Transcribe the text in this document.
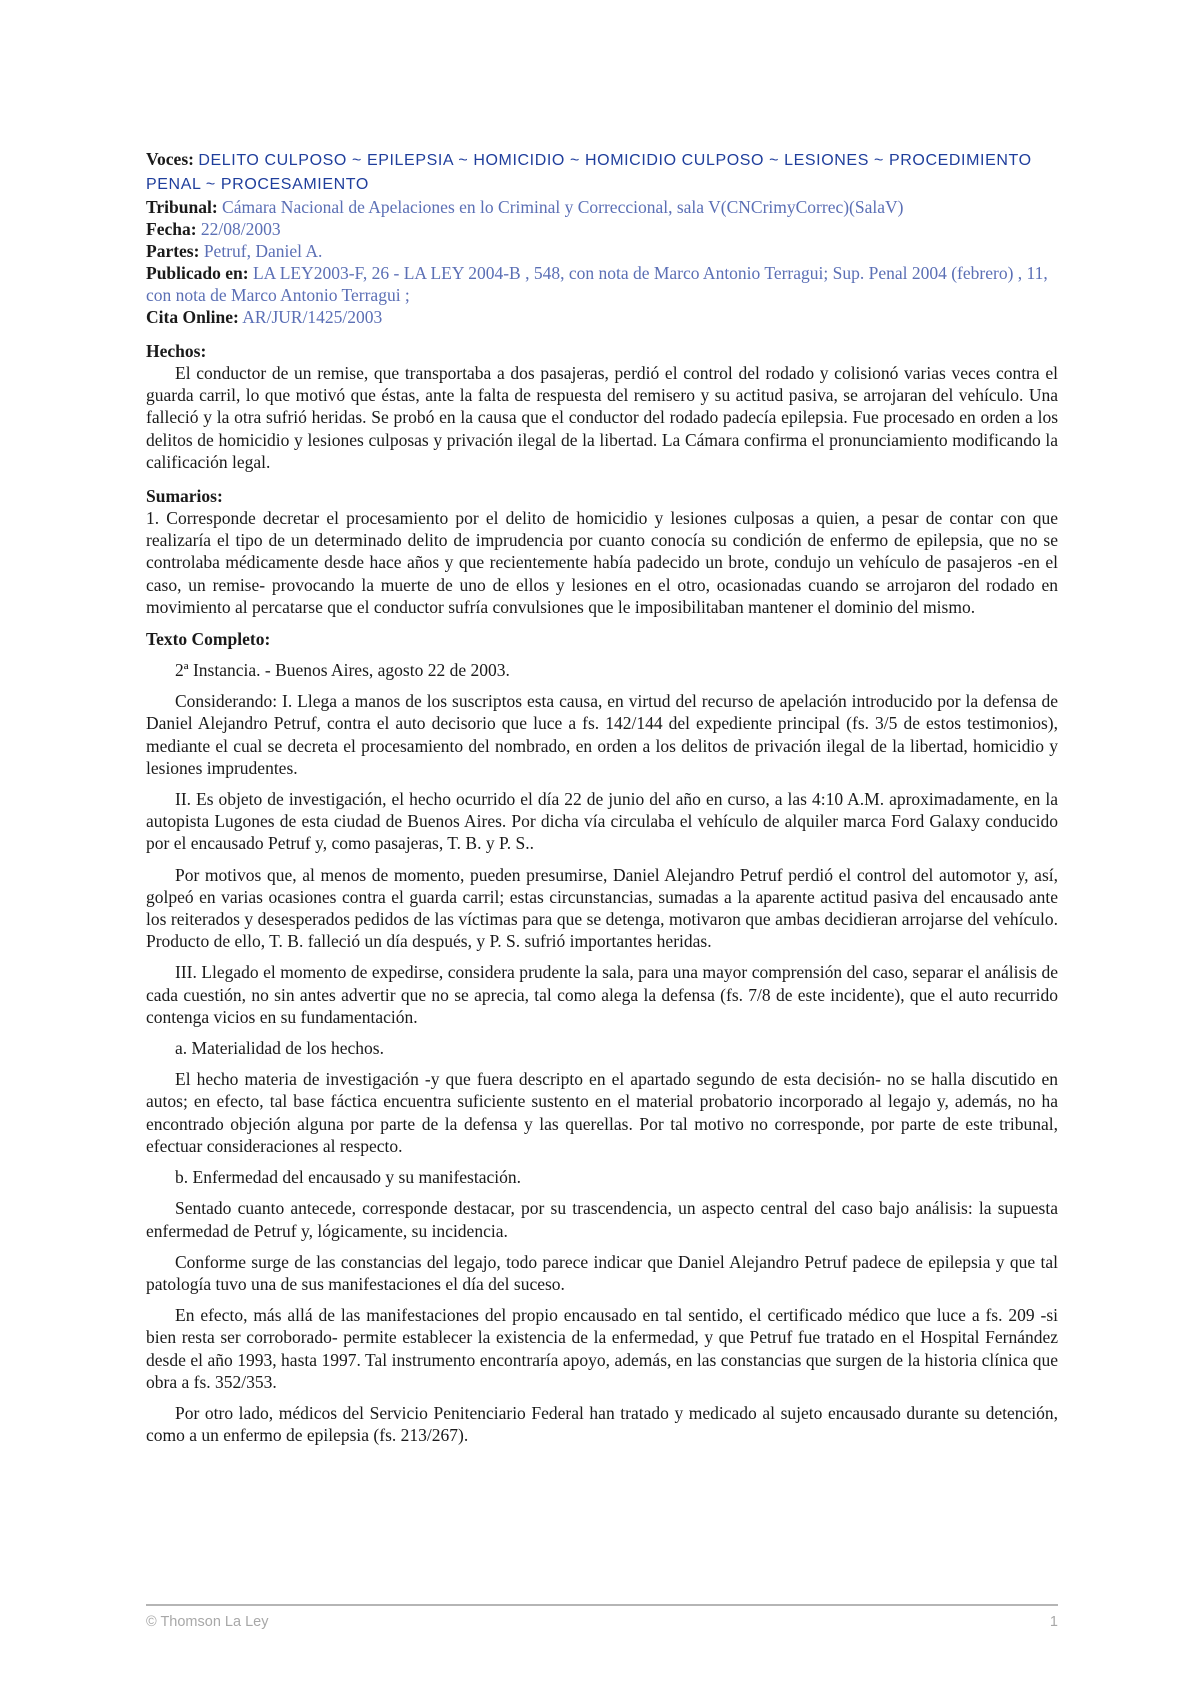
Voces: DELITO CULPOSO ~ EPILEPSIA ~ HOMICIDIO ~ HOMICIDIO CULPOSO ~ LESIONES ~ PROCEDIMIENTO PENAL ~ PROCESAMIENTO

Tribunal: Cámara Nacional de Apelaciones en lo Criminal y Correccional, sala V(CNCrimyCorrec)(SalaV)

Fecha: 22/08/2003

Partes: Petruf, Daniel A.

Publicado en: LA LEY2003-F, 26 - LA LEY 2004-B , 548, con nota de Marco Antonio Terragui; Sup. Penal 2004 (febrero) , 11, con nota de Marco Antonio Terragui ;

Cita Online: AR/JUR/1425/2003

Hechos:

El conductor de un remise, que transportaba a dos pasajeras, perdió el control del rodado y colisionó varias veces contra el guarda carril, lo que motivó que éstas, ante la falta de respuesta del remisero y su actitud pasiva, se arrojaran del vehículo. Una falleció y la otra sufrió heridas. Se probó en la causa que el conductor del rodado padecía epilepsia. Fue procesado en orden a los delitos de homicidio y lesiones culposas y privación ilegal de la libertad. La Cámara confirma el pronunciamiento modificando la calificación legal.

Sumarios:

1. Corresponde decretar el procesamiento por el delito de homicidio y lesiones culposas a quien, a pesar de contar con que realizaría el tipo de un determinado delito de imprudencia por cuanto conocía su condición de enfermo de epilepsia, que no se controlaba médicamente desde hace años y que recientemente había padecido un brote, condujo un vehículo de pasajeros -en el caso, un remise- provocando la muerte de uno de ellos y lesiones en el otro, ocasionadas cuando se arrojaron del rodado en movimiento al percatarse que el conductor sufría convulsiones que le imposibilitaban mantener el dominio del mismo.

Texto Completo:

2ª Instancia. - Buenos Aires, agosto 22 de 2003.

Considerando: I. Llega a manos de los suscriptos esta causa, en virtud del recurso de apelación introducido por la defensa de Daniel Alejandro Petruf, contra el auto decisorio que luce a fs. 142/144 del expediente principal (fs. 3/5 de estos testimonios), mediante el cual se decreta el procesamiento del nombrado, en orden a los delitos de privación ilegal de la libertad, homicidio y lesiones imprudentes.

II. Es objeto de investigación, el hecho ocurrido el día 22 de junio del año en curso, a las 4:10 A.M. aproximadamente, en la autopista Lugones de esta ciudad de Buenos Aires. Por dicha vía circulaba el vehículo de alquiler marca Ford Galaxy conducido por el encausado Petruf y, como pasajeras, T. B. y P. S..

Por motivos que, al menos de momento, pueden presumirse, Daniel Alejandro Petruf perdió el control del automotor y, así, golpeó en varias ocasiones contra el guarda carril; estas circunstancias, sumadas a la aparente actitud pasiva del encausado ante los reiterados y desesperados pedidos de las víctimas para que se detenga, motivaron que ambas decidieran arrojarse del vehículo. Producto de ello, T. B. falleció un día después, y P. S. sufrió importantes heridas.

III. Llegado el momento de expedirse, considera prudente la sala, para una mayor comprensión del caso, separar el análisis de cada cuestión, no sin antes advertir que no se aprecia, tal como alega la defensa (fs. 7/8 de este incidente), que el auto recurrido contenga vicios en su fundamentación.

a. Materialidad de los hechos.

El hecho materia de investigación -y que fuera descripto en el apartado segundo de esta decisión- no se halla discutido en autos; en efecto, tal base fáctica encuentra suficiente sustento en el material probatorio incorporado al legajo y, además, no ha encontrado objeción alguna por parte de la defensa y las querellas. Por tal motivo no corresponde, por parte de este tribunal, efectuar consideraciones al respecto.

b. Enfermedad del encausado y su manifestación.

Sentado cuanto antecede, corresponde destacar, por su trascendencia, un aspecto central del caso bajo análisis: la supuesta enfermedad de Petruf y, lógicamente, su incidencia.

Conforme surge de las constancias del legajo, todo parece indicar que Daniel Alejandro Petruf padece de epilepsia y que tal patología tuvo una de sus manifestaciones el día del suceso.

En efecto, más allá de las manifestaciones del propio encausado en tal sentido, el certificado médico que luce a fs. 209 -si bien resta ser corroborado- permite establecer la existencia de la enfermedad, y que Petruf fue tratado en el Hospital Fernández desde el año 1993, hasta 1997. Tal instrumento encontraría apoyo, además, en las constancias que surgen de la historia clínica que obra a fs. 352/353.

Por otro lado, médicos del Servicio Penitenciario Federal han tratado y medicado al sujeto encausado durante su detención, como a un enfermo de epilepsia (fs. 213/267).

© Thomson La Ley	1
